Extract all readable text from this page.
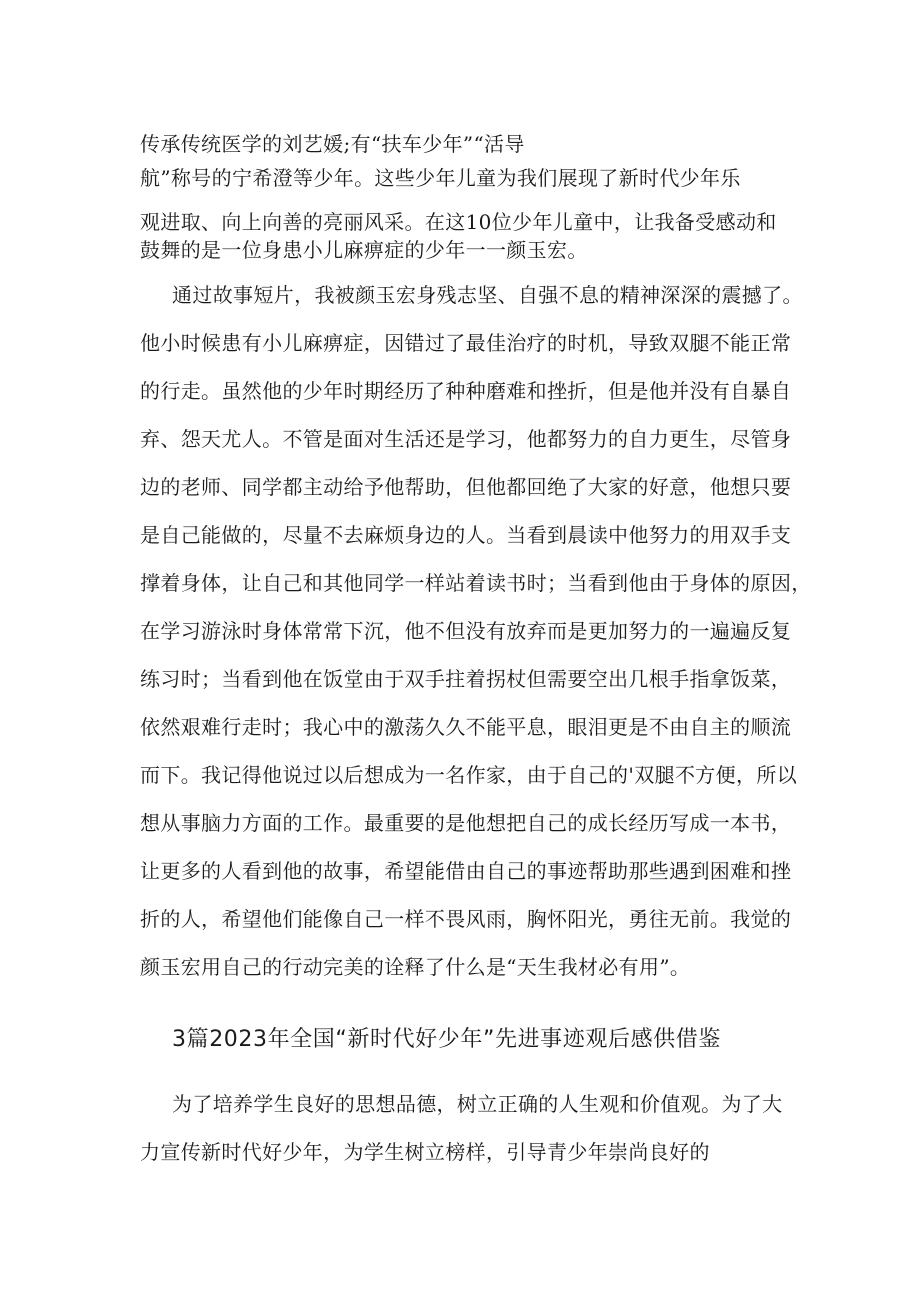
传承传统医学的刘艺媛;有“扶车少年”“活导
航”称号的宁希澄等少年。这些少年儿童为我们展现了新时代少年乐
观进取、向上向善的亮丽风采。在这10位少年儿童中，让我备受感动和
鼓舞的是一位身患小儿麻痹症的少年一一颜玉宏。
通过故事短片，我被颜玉宏身残志坚、自强不息的精神深深的震撼了。
他小时候患有小儿麻痹症，因错过了最佳治疗的时机，导致双腿不能正常
的行走。虽然他的少年时期经历了种种磨难和挫折，但是他并没有自暴自
弃、怨天尤人。不管是面对生活还是学习，他都努力的自力更生，尽管身
边的老师、同学都主动给予他帮助，但他都回绝了大家的好意，他想只要
是自己能做的，尽量不去麻烦身边的人。当看到晨读中他努力的用双手支
撑着身体，让自己和其他同学一样站着读书时；当看到他由于身体的原因，
在学习游泳时身体常常下沉，他不但没有放弃而是更加努力的一遍遍反复
练习时；当看到他在饭堂由于双手拄着拐杖但需要空出几根手指拿饭菜，
依然艰难行走时；我心中的激荡久久不能平息，眼泪更是不由自主的顺流
而下。我记得他说过以后想成为一名作家，由于自己的'双腿不方便，所以
想从事脑力方面的工作。最重要的是他想把自己的成长经历写成一本书，
让更多的人看到他的故事，希望能借由自己的事迹帮助那些遇到困难和挫
折的人，希望他们能像自己一样不畏风雨，胸怀阳光，勇往无前。我觉的
颜玉宏用自己的行动完美的诠释了什么是“天生我材必有用”。
3篇2023年全国“新时代好少年”先进事迹观后感供借鉴
为了培养学生良好的思想品德，树立正确的人生观和价值观。为了大
力宣传新时代好少年，为学生树立榜样，引导青少年崇尚良好的
